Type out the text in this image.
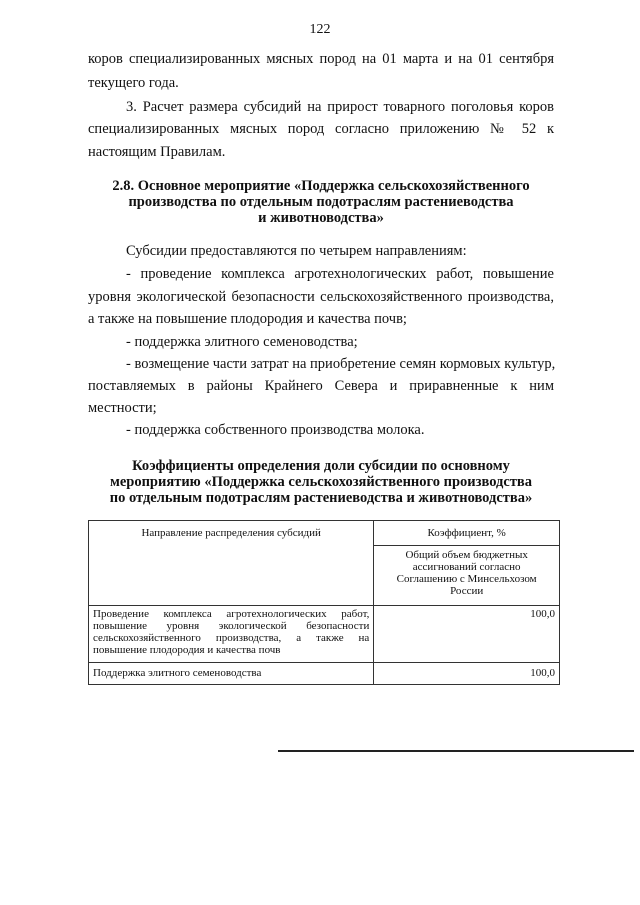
122
коров специализированных мясных пород на 01 марта и на 01 сентября
текущего года.
3. Расчет размера субсидий на прирост товарного поголовья коров
специализированных мясных пород согласно приложению № 52 к
настоящим Правилам.
2.8. Основное мероприятие «Поддержка сельскохозяйственного
производства по отдельным подотраслям растениеводства
и животноводства»
Субсидии предоставляются по четырем направлениям:
- проведение комплекса агротехнологических работ, повышение
уровня экологической безопасности сельскохозяйственного производства,
а также на повышение плодородия и качества почв;
- поддержка элитного семеноводства;
- возмещение части затрат на приобретение семян кормовых культур,
поставляемых в районы Крайнего Севера и приравненные к ним
местности;
- поддержка собственного производства молока.
Коэффициенты определения доли субсидии по основному
мероприятию «Поддержка сельскохозяйственного производства
по отдельным подотраслям растениеводства и животноводства»
Направление распределения субсидий	Коэффициент, %
	Общий объем бюджетных ассигнований согласно Соглашению с Минсельхозом России
Проведение комплекса агротехнологических работ, повышение уровня экологической безопасности сельскохозяйственного производства, а также на повышение плодородия и качества почв	100,0
Поддержка элитного семеноводства	100,0
